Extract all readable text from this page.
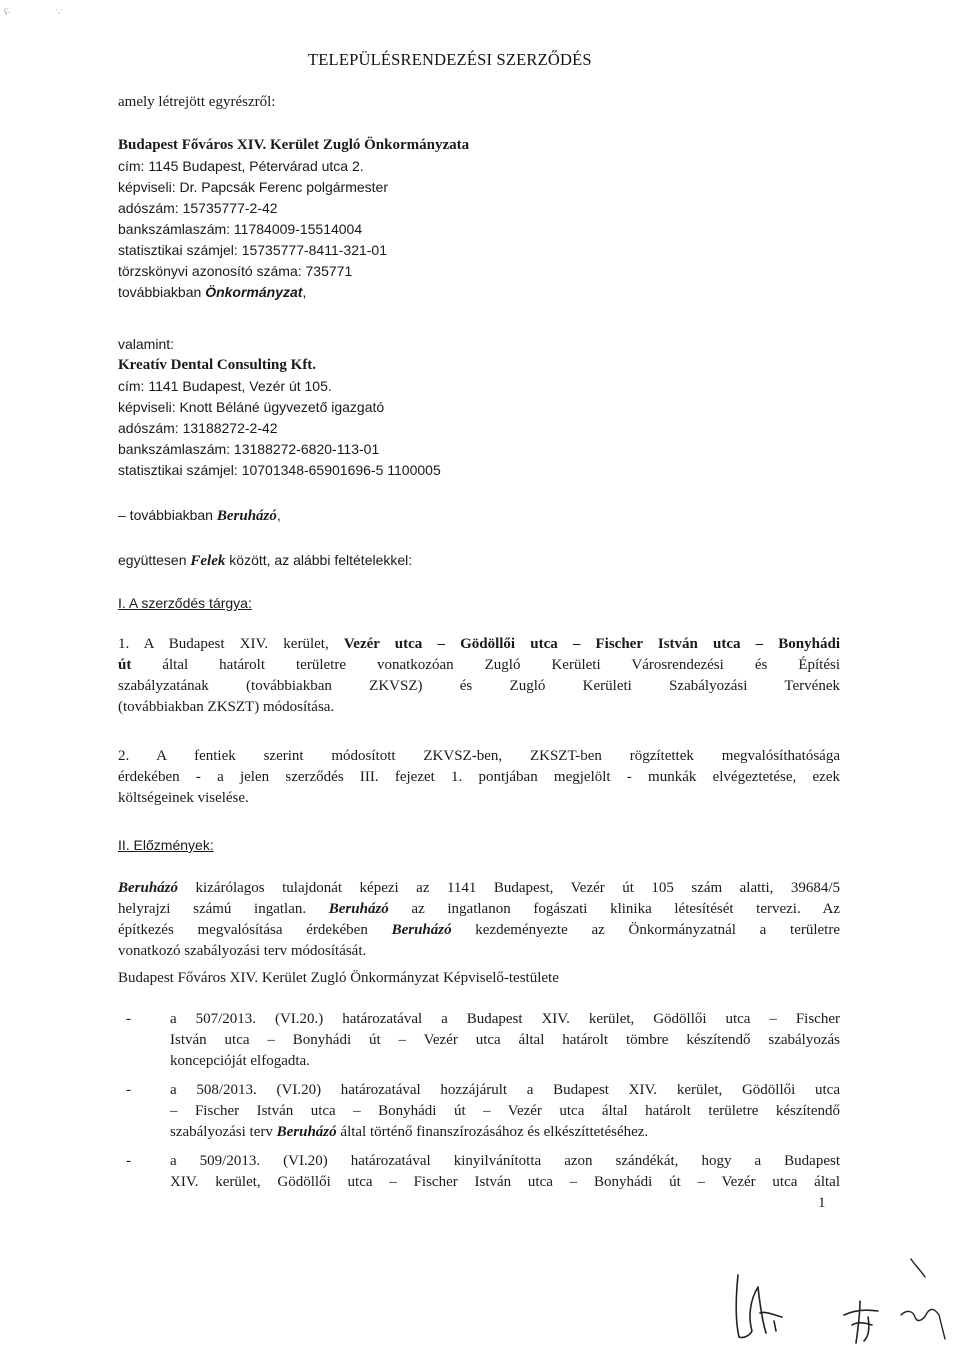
ç.	·,·
TELEPÜLÉSRENDEZÉSI SZERZŐDÉS
amely létrejött egyrészről:
Budapest Főváros XIV. Kerület Zugló Önkormányzata
cím: 1145 Budapest, Pétervárad utca 2.
képviseli: Dr. Papcsák Ferenc polgármester
adószám: 15735777-2-42
bankszámlaszám: 11784009-15514004
statisztikai számjel: 15735777-8411-321-01
törzskönyvi azonosító száma: 735771
továbbiakban Önkormányzat,
valamint:
Kreatív Dental Consulting Kft.
cím: 1141 Budapest, Vezér út 105.
képviseli: Knott Béláné ügyvezető igazgató
adószám: 13188272-2-42
bankszámlaszám: 13188272-6820-113-01
statisztikai számjel: 10701348-65901696-5 1100005
– továbbiakban Beruházó,
együttesen Felek között, az alábbi feltételekkel:
I. A szerződés tárgya:
1. A Budapest XIV. kerület, Vezér utca – Gödöllői utca – Fischer István utca – Bonyhádi
út által határolt területre vonatkozóan Zugló Kerületi Városrendezési és Építési
szabályzatának (továbbiakban ZKVSZ) és Zugló Kerületi Szabályozási Tervének
(továbbiakban ZKSZT) módosítása.
2. A fentiek szerint módosított ZKVSZ-ben, ZKSZT-ben rögzítettek megvalósíthatósága
érdekében - a jelen szerződés III. fejezet 1. pontjában megjelölt - munkák elvégeztetése, ezek
költségeinek viselése.
II. Előzmények:
Beruházó kizárólagos tulajdonát képezi az 1141 Budapest, Vezér út 105 szám alatti, 39684/5
helyrajzi számú ingatlan. Beruházó az ingatlanon fogászati klinika létesítését tervezi. Az
építkezés megvalósítása érdekében Beruházó kezdeményezte az Önkormányzatnál a területre
vonatkozó szabályozási terv módosítását.
Budapest Főváros XIV. Kerület Zugló Önkormányzat Képviselő-testülete
-	a 507/2013. (VI.20.) határozatával a Budapest XIV. kerület, Gödöllői utca – Fischer
István utca – Bonyhádi út – Vezér utca által határolt tömbre készítendő szabályozás
koncepcióját elfogadta.
-	a 508/2013. (VI.20) határozatával hozzájárult a Budapest XIV. kerület, Gödöllői utca
– Fischer István utca – Bonyhádi út – Vezér utca által határolt területre készítendő
szabályozási terv Beruházó által történő finanszírozásához és elkészíttetéséhez.
-	a 509/2013. (VI.20) határozatával kinyilvánította azon szándékát, hogy a Budapest
XIV. kerület, Gödöllői utca – Fischer István utca – Bonyhádi út – Vezér utca által
1
